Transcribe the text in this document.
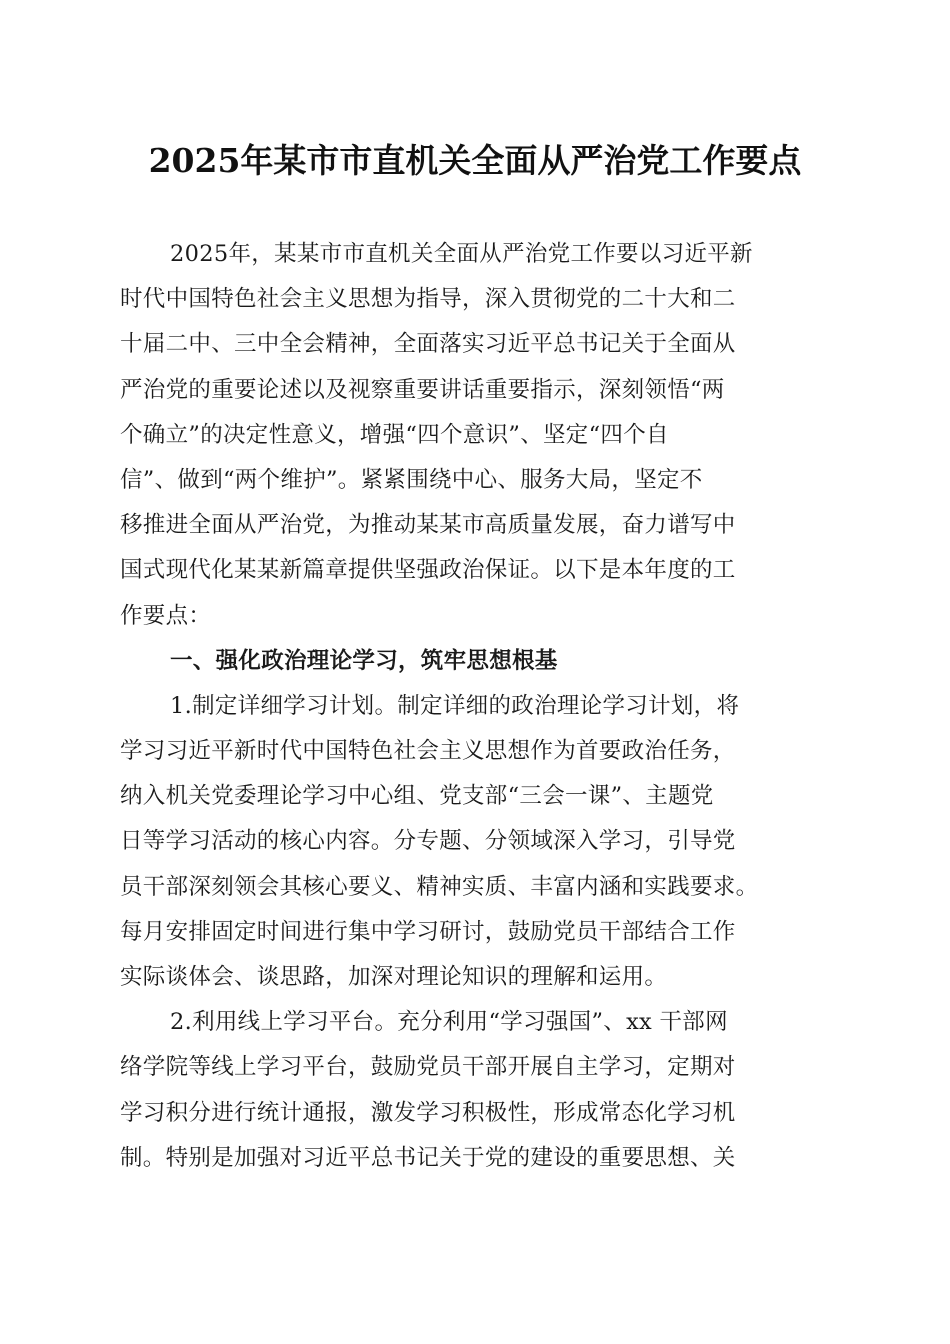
2025年某市市直机关全面从严治党工作要点
2025年，某某市市直机关全面从严治党工作要以习近平新
时代中国特色社会主义思想为指导，深入贯彻党的二十大和二
十届二中、三中全会精神，全面落实习近平总书记关于全面从
严治党的重要论述以及视察重要讲话重要指示，深刻领悟“两
个确立”的决定性意义，增强“四个意识”、坚定“四个自
信”、做到“两个维护”。紧紧围绕中心、服务大局，坚定不
移推进全面从严治党，为推动某某市高质量发展，奋力谱写中
国式现代化某某新篇章提供坚强政治保证。以下是本年度的工
作要点：
一、强化政治理论学习，筑牢思想根基
1.制定详细学习计划。制定详细的政治理论学习计划，将
学习习近平新时代中国特色社会主义思想作为首要政治任务，
纳入机关党委理论学习中心组、党支部“三会一课”、主题党
日等学习活动的核心内容。分专题、分领域深入学习，引导党
员干部深刻领会其核心要义、精神实质、丰富内涵和实践要求。
每月安排固定时间进行集中学习研讨，鼓励党员干部结合工作
实际谈体会、谈思路，加深对理论知识的理解和运用。
2.利用线上学习平台。充分利用“学习强国”、xx 干部网
络学院等线上学习平台，鼓励党员干部开展自主学习，定期对
学习积分进行统计通报，激发学习积极性，形成常态化学习机
制。特别是加强对习近平总书记关于党的建设的重要思想、关
